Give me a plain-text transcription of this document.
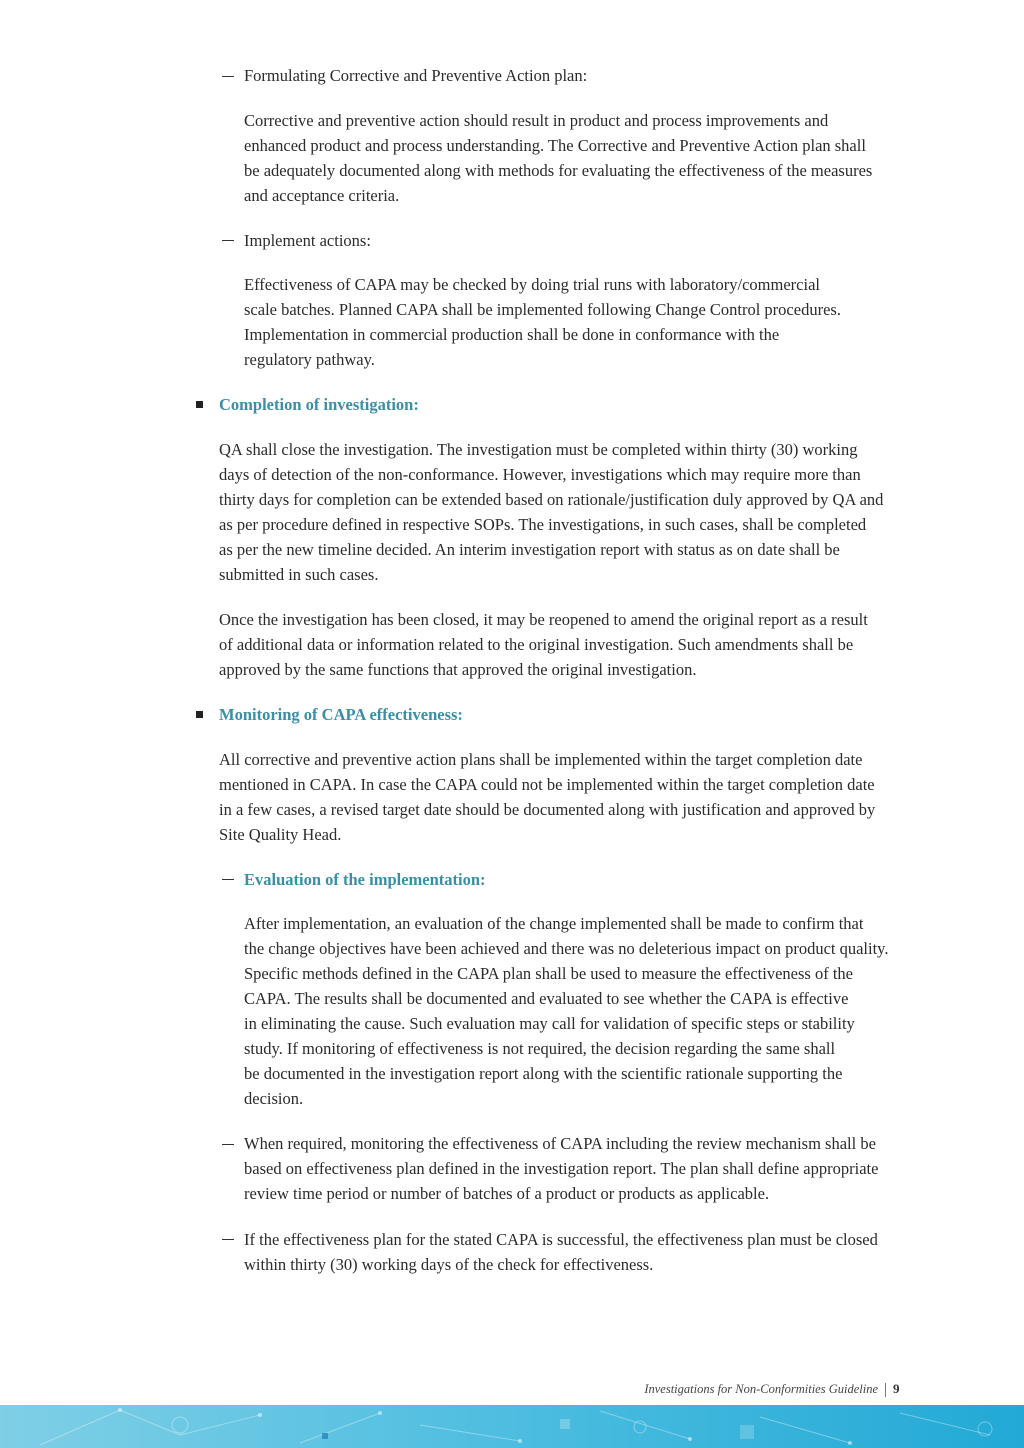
Formulating Corrective and Preventive Action plan:
Corrective and preventive action should result in product and process improvements and
enhanced product and process understanding. The Corrective and Preventive Action plan shall
be adequately documented along with methods for evaluating the effectiveness of the measures
and acceptance criteria.
Implement actions:
Effectiveness of CAPA may be checked by doing trial runs with laboratory/commercial
scale batches. Planned CAPA shall be implemented following Change Control procedures.
Implementation in commercial production shall be done in conformance with the
regulatory pathway.
Completion of investigation:
QA shall close the investigation. The investigation must be completed within thirty (30) working
days of detection of the non-conformance. However, investigations which may require more than
thirty days for completion can be extended based on rationale/justification duly approved by QA and
as per procedure defined in respective SOPs. The investigations, in such cases, shall be completed
as per the new timeline decided. An interim investigation report with status as on date shall be
submitted in such cases.
Once the investigation has been closed, it may be reopened to amend the original report as a result
of additional data or information related to the original investigation. Such amendments shall be
approved by the same functions that approved the original investigation.
Monitoring of CAPA effectiveness:
All corrective and preventive action plans shall be implemented within the target completion date
mentioned in CAPA. In case the CAPA could not be implemented within the target completion date
in a few cases, a revised target date should be documented along with justification and approved by
Site Quality Head.
Evaluation of the implementation:
After implementation, an evaluation of the change implemented shall be made to confirm that
the change objectives have been achieved and there was no deleterious impact on product quality.
Specific methods defined in the CAPA plan shall be used to measure the effectiveness of the
CAPA. The results shall be documented and evaluated to see whether the CAPA is effective
in eliminating the cause. Such evaluation may call for validation of specific steps or stability
study. If monitoring of effectiveness is not required, the decision regarding the same shall
be documented in the investigation report along with the scientific rationale supporting the
decision.
When required, monitoring the effectiveness of CAPA including the review mechanism shall be
based on effectiveness plan defined in the investigation report. The plan shall define appropriate
review time period or number of batches of a product or products as applicable.
If the effectiveness plan for the stated CAPA is successful, the effectiveness plan must be closed
within thirty (30) working days of the check for effectiveness.
Investigations for Non-Conformities Guideline 9
